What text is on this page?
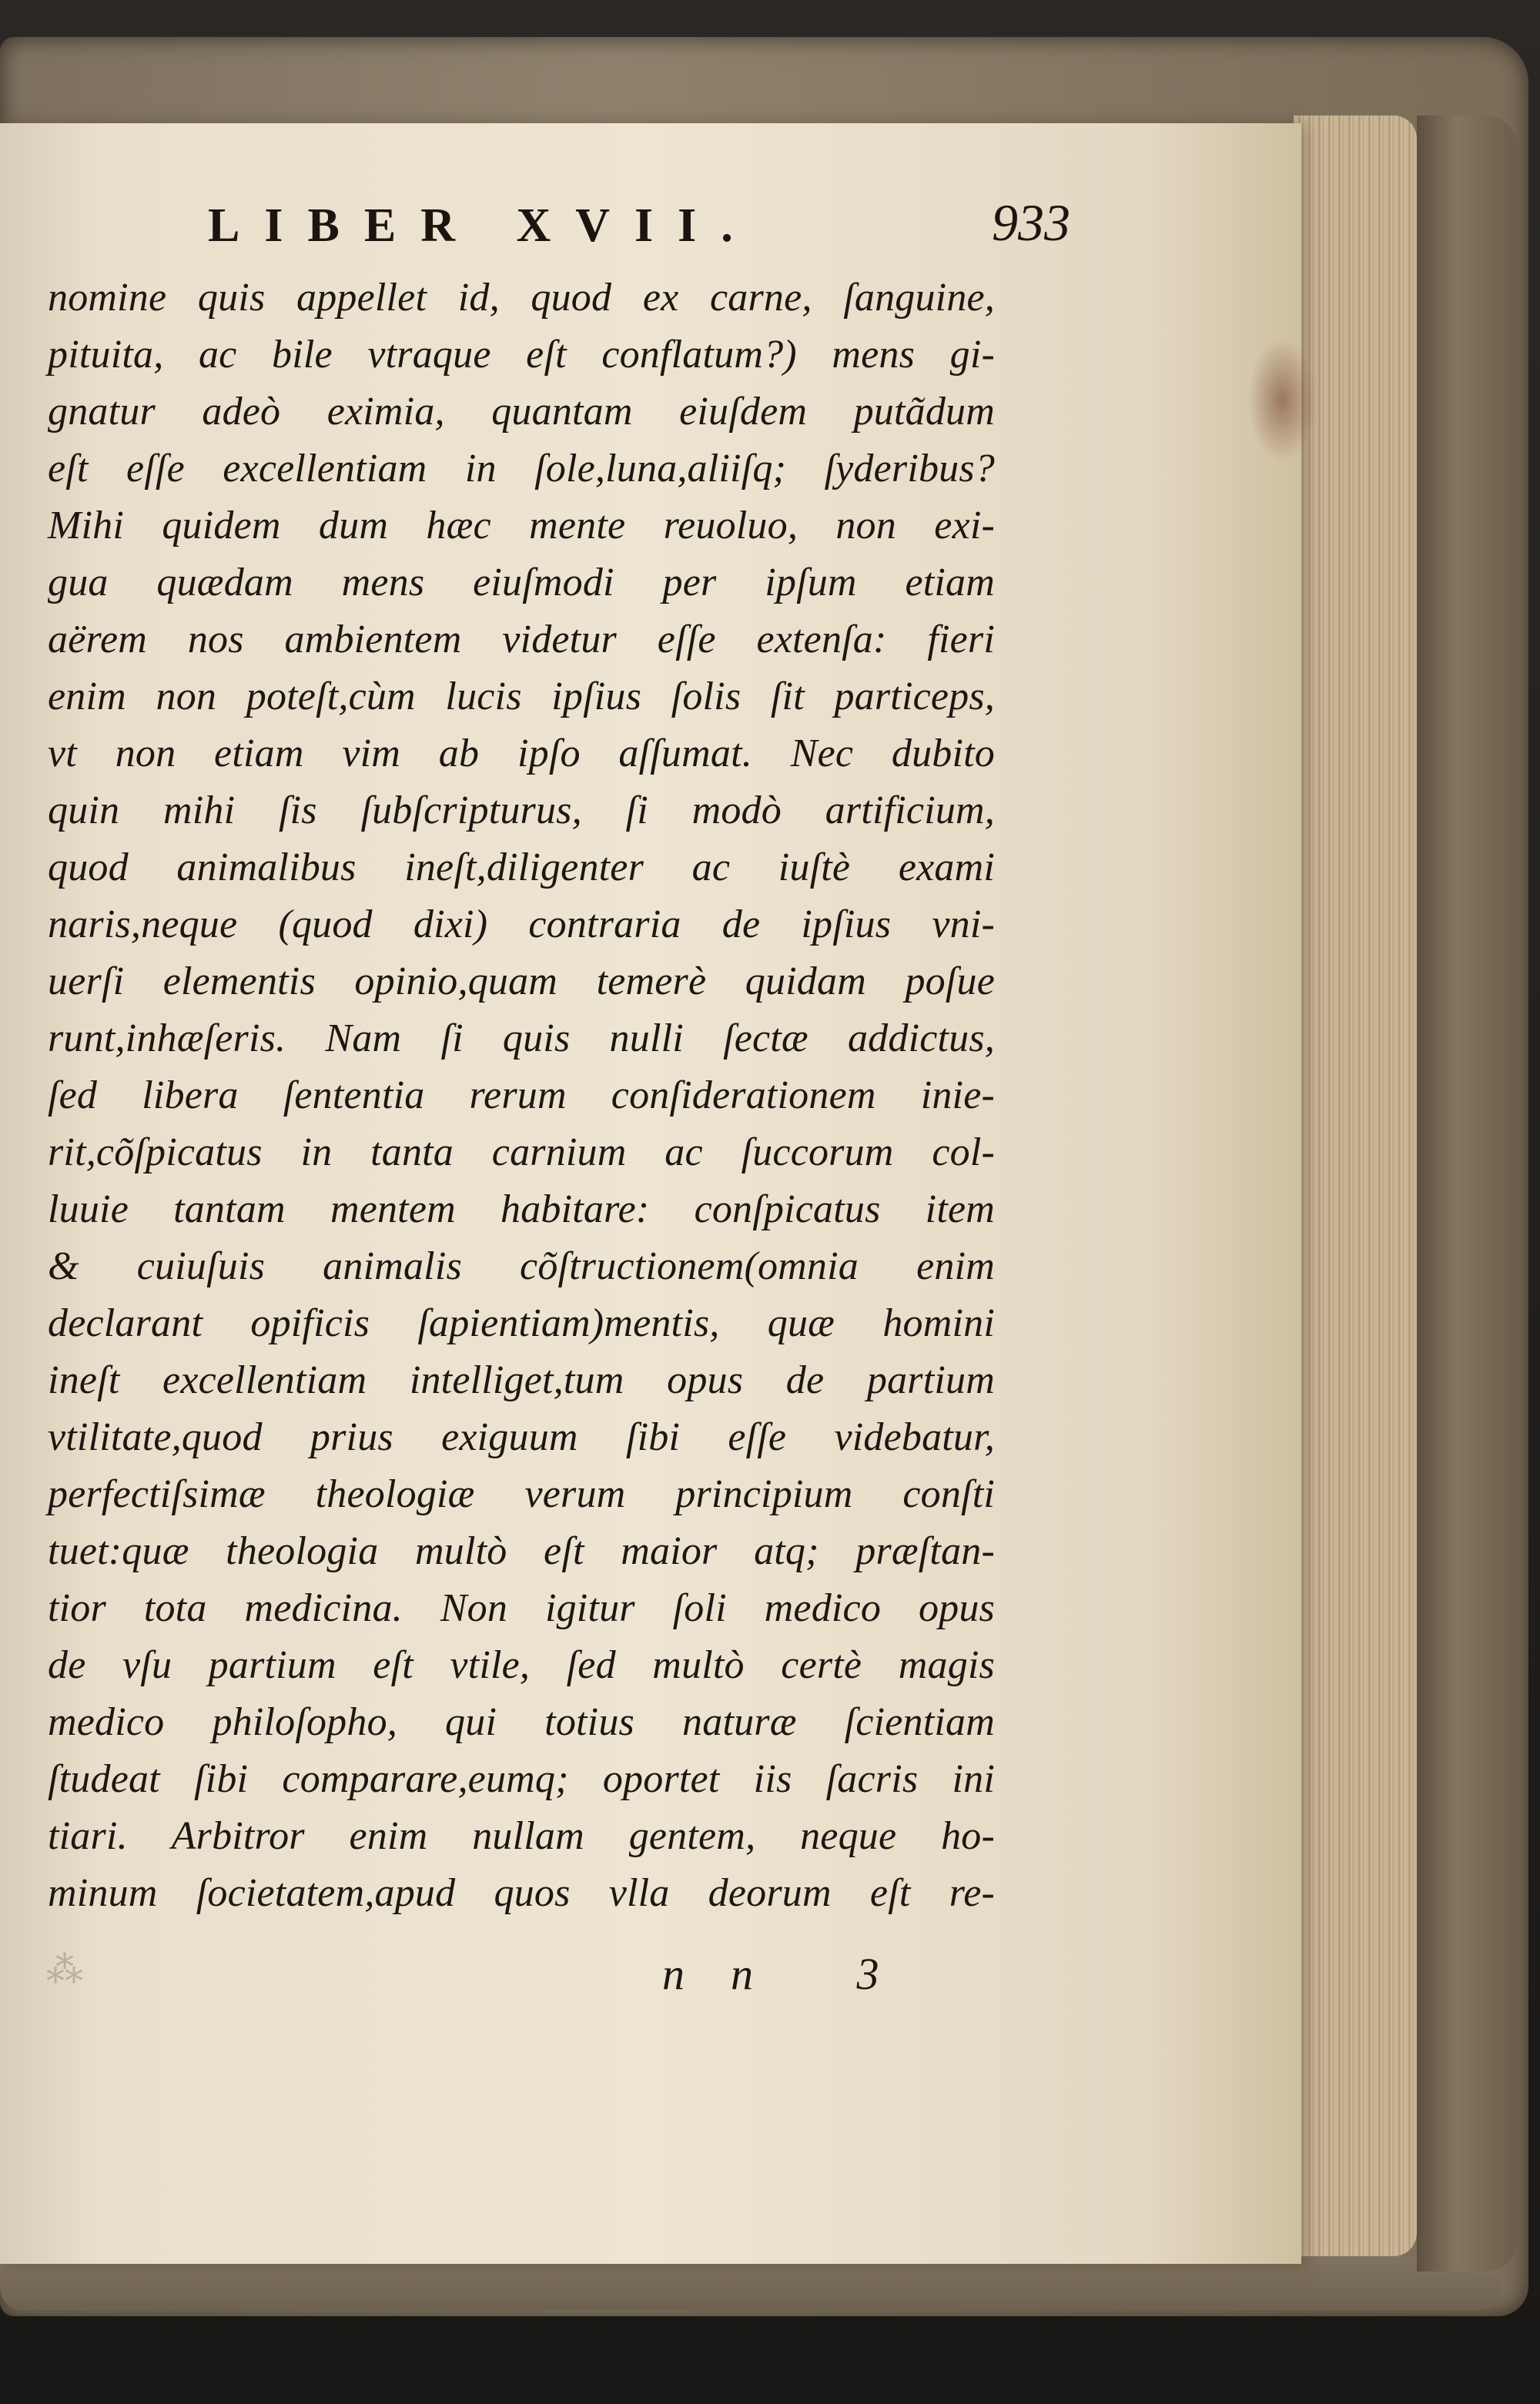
LIBER XVII.	933
nomine quis appellet id, quod ex carne, ſanguine,
pituita, ac bile vtraque eſt conflatum?) mens gi-
gnatur adeò eximia, quantam eiuſdem putãdum
eſt eſſe excellentiam in ſole,luna,aliiſq; ſyderibus?
Mihi quidem dum hæc mente reuoluo, non exi-
gua quædam mens eiuſmodi per ipſum etiam
aërem nos ambientem videtur eſſe extenſa: fieri
enim non poteſt,cùm lucis ipſius ſolis ſit particeps,
vt non etiam vim ab ipſo aſſumat. Nec dubito
quin mihi ſis ſubſcripturus, ſi modò artificium,
quod animalibus ineſt,diligenter ac iuſtè exami
naris,neque (quod dixi) contraria de ipſius vni-
uerſi elementis opinio,quam temerè quidam poſue
runt,inhæſeris. Nam ſi quis nulli ſectæ addictus,
ſed libera ſententia rerum conſiderationem inie-
rit,cõſpicatus in tanta carnium ac ſuccorum col-
luuie tantam mentem habitare: conſpicatus item
& cuiuſuis animalis cõſtructionem(omnia enim
declarant opificis ſapientiam)mentis, quæ homini
ineſt excellentiam intelliget,tum opus de partium
vtilitate,quod prius exiguum ſibi eſſe videbatur,
perfectiſsimæ theologiæ verum principium conſti
tuet:quæ theologia multò eſt maior atq; præſtan-
tior tota medicina. Non igitur ſoli medico opus
de vſu partium eſt vtile, ſed multò certè magis
medico philoſopho, qui totius naturæ ſcientiam
ſtudeat ſibi comparare,eumq; oportet iis ſacris ini
tiari. Arbitror enim nullam gentem, neque ho-
minum ſocietatem,apud quos vlla deorum eſt re-
⁂	nn 3
